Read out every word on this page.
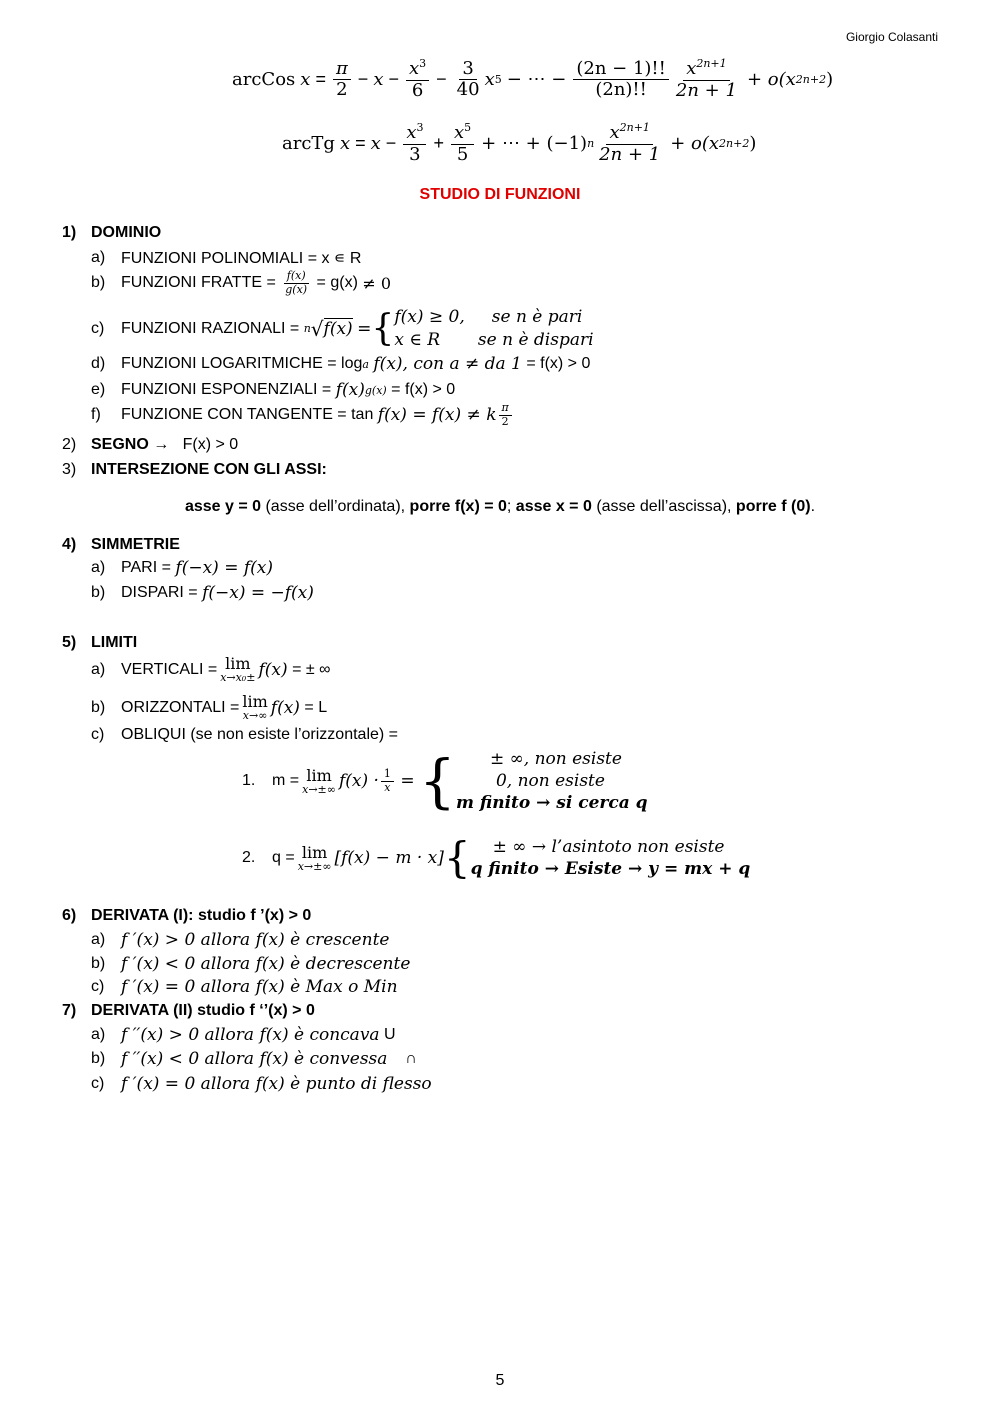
Giorgio Colasanti
arcCos
$x = \frac{\pi}{2} - x - \frac{x^3}{6} - \frac{3}{40}$ x 5
− ⋯ −
$\frac{(2n - 1)!!}{(2n)!!} \frac{x^{2n+1}}{2n + 1}$
+ o(x 2n+2 )
arcTg
$x = x - \frac{x^3}{3} + \frac{x^5}{5}$
+ ⋯ + (−1) n $\frac{x^{2n+1}}{2n + 1}$
+ o(x 2n+2 )
STUDIO DI FUNZIONI
1) DOMINIO
a) FUNZIONI POLINOMIALI = x ∊ R
b) FUNZIONI FRATTE =
$\frac{f(x)}{g(x)}$
= g(x)
≠ 0
c)	FUNZIONI RAZIONALI =
n √ f(x)
= { f(x) ≥ 0, se n è pari
x ∈ R se n è dispari
d) FUNZIONI LOGARITMICHE = log a
f(x), con a ≠ da 1
= f(x) > 0
e) FUNZIONI ESPONENZIALI =
f(x) g(x)
= f(x) > 0
f)	FUNZIONE CON TANGENTE = tan
f(x) = f(x) ≠ k $\frac{\pi}{2}$
2) SEGNO → F(x) > 0
3) INTERSEZIONE CON GLI ASSI:
asse y = 0 (asse dell’ordinata), porre f(x) = 0; asse x = 0 (asse dell’ascissa), porre f (0).
4) SIMMETRIE
a) PARI =
f(−x) = f(x)
b) DISPARI =
f(−x) = −f(x)
5) LIMITI
a) VERTICALI = lim
x→x₀± f(x)
= ± ∞
b) ORIZZONTALI = lim
x→∞ f(x)
= L
c)	OBLIQUI (se non esiste l’orizzontale) =
1.	m = lim
x→±∞ $f(x) \cdot \frac{1}{x}$
=
{	± ∞, non esiste
0, non esiste
m finito → si cerca q
2.	q = lim
x→±∞ [f(x) − m · x] {	± ∞ → l’asintoto non esiste
q finito → Esiste → y = mx + q
6) DERIVATA (I): studio f ’(x) > 0
a) f ′(x) > 0 allora f(x) è crescente
b) f ′(x) < 0 allora f(x) è decrescente
c) f ′(x) = 0 allora f(x) è Max o Min
7) DERIVATA (II) studio f ‘’(x) > 0
a) f ′′(x) > 0 allora f(x) è concava
U
b) f ′′(x) < 0 allora f(x) è convessa
∩
c) f ′(x) = 0 allora f(x) è punto di flesso
5
